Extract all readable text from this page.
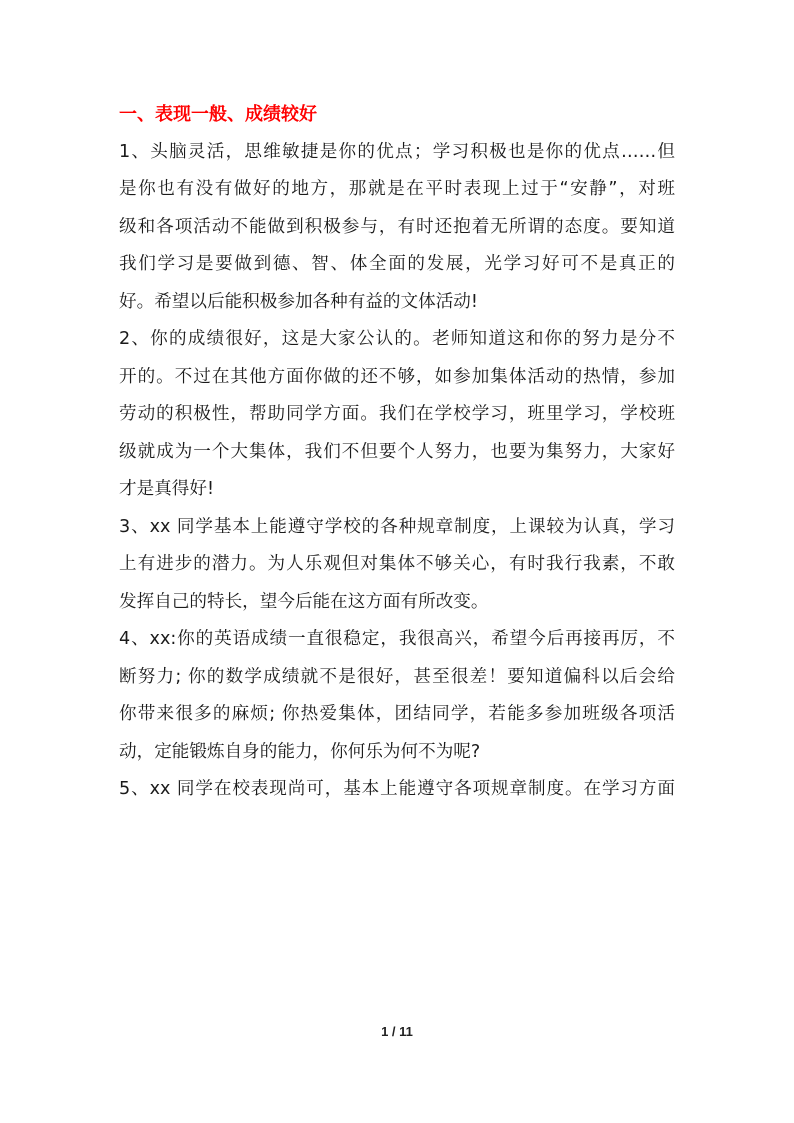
一、表现一般、成绩较好
1、头脑灵活，思维敏捷是你的优点；学习积极也是你的优点……但
是你也有没有做好的地方，那就是在平时表现上过于“安静”，对班
级和各项活动不能做到积极参与，有时还抱着无所谓的态度。要知道
我们学习是要做到德、智、体全面的发展，光学习好可不是真正的
好。希望以后能积极参加各种有益的文体活动!
2、你的成绩很好，这是大家公认的。老师知道这和你的努力是分不
开的。不过在其他方面你做的还不够，如参加集体活动的热情，参加
劳动的积极性，帮助同学方面。我们在学校学习，班里学习，学校班
级就成为一个大集体，我们不但要个人努力，也要为集努力，大家好
才是真得好!
3、xx 同学基本上能遵守学校的各种规章制度，上课较为认真，学习
上有进步的潜力。为人乐观但对集体不够关心，有时我行我素，不敢
发挥自己的特长，望今后能在这方面有所改变。
4、xx:你的英语成绩一直很稳定，我很高兴，希望今后再接再厉，不
断努力; 你的数学成绩就不是很好，甚至很差！要知道偏科以后会给
你带来很多的麻烦; 你热爱集体，团结同学，若能多参加班级各项活
动，定能锻炼自身的能力，你何乐为何不为呢?
5、xx 同学在校表现尚可，基本上能遵守各项规章制度。在学习方面
1 / 11
